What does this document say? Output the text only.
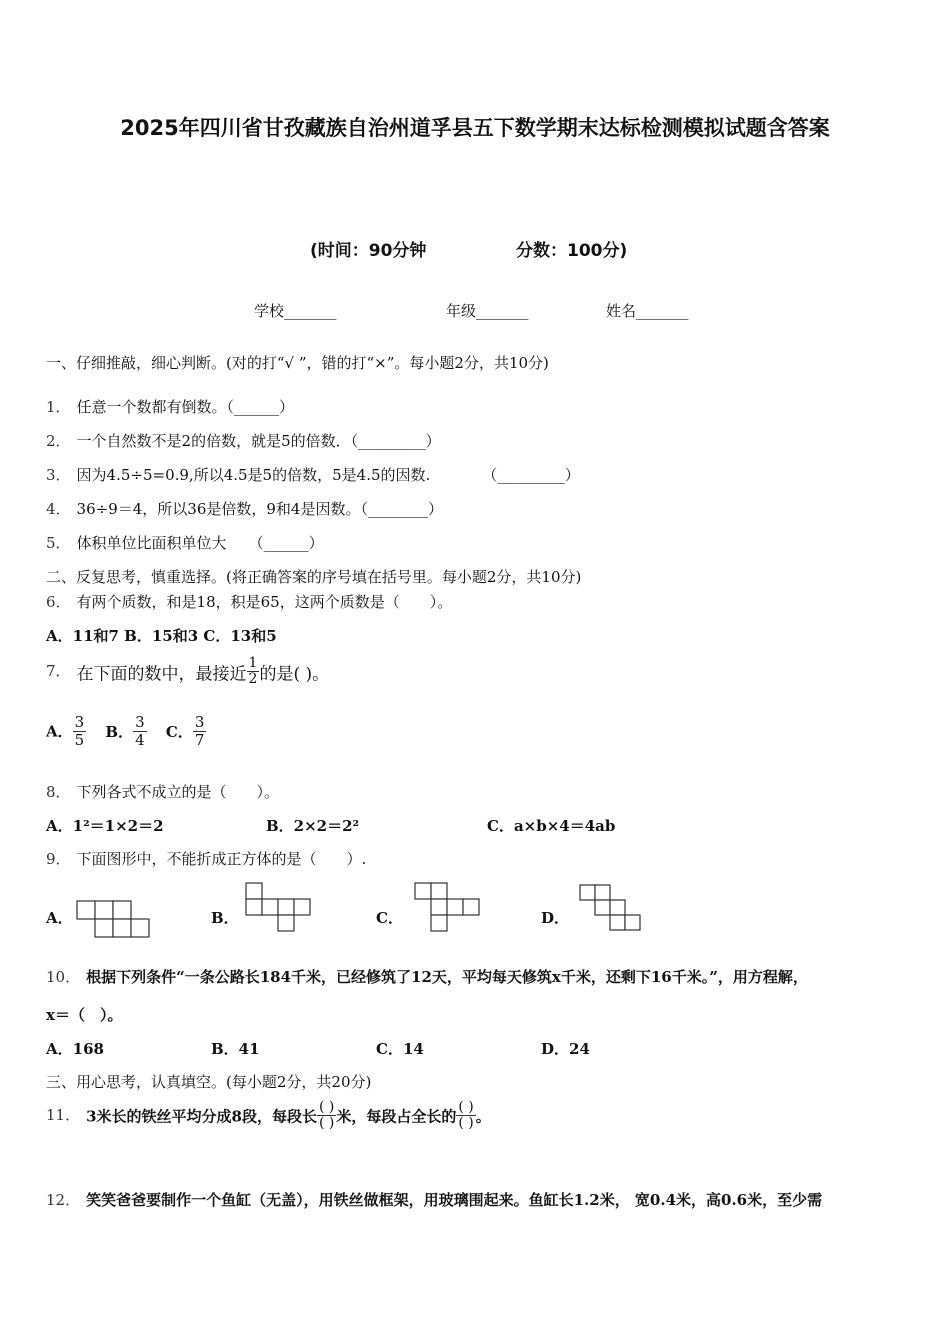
2025年四川省甘孜藏族自治州道孚县五下数学期末达标检测模拟试题含答案
(时间：90分钟	分数：100分)
学校_______	年级_______	姓名_______
一、仔细推敲，细心判断。(对的打“√ ”，错的打“×”。每小题2分，共10分)
1． 任意一个数都有倒数。（______）
2． 一个自然数不是2的倍数，就是5的倍数．（_________）
3． 因为4.5÷5=0.9,所以4.5是5的倍数，5是4.5的因数.	（_________）
4． 36÷9＝4，所以36是倍数，9和4是因数。（________）
5． 体积单位比面积单位大 （______）
二、反复思考，慎重选择。(将正确答案的序号填在括号里。每小题2分，共10分)
6． 有两个质数，和是18，积是65，这两个质数是（　　）。
A．11和7 B．15和3 C．13和5
7． 在下面的数中，最接近 $\frac{1}{2}$ 的是( )。
A． $\frac{3}{5}$ B． $\frac{3}{4}$ C． $\frac{3}{7}$
8． 下列各式不成立的是（　　）。
A．1²＝1×2＝2	B．2×2＝2²	C．a×b×4＝4ab
9． 下面图形中，不能折成正方体的是（　　）.
A．	B．	C．	D．
10． 根据下列条件“一条公路长184千米，已经修筑了12天，平均每天修筑x千米，还剩下16千米。”，用方程解，
x＝（　）。
A．168	B．41	C．14	D．24
三、用心思考，认真填空。(每小题2分，共20分)
11． 3米长的铁丝平均分成8段，每段长 $\frac{( )}{( )}$ 米，每段占全长的 $\frac{( )}{( )}$ 。
12． 笑笑爸爸要制作一个鱼缸（无盖），用铁丝做框架，用玻璃围起来。鱼缸长1.2米， 宽0.4米，高0.6米，至少需
